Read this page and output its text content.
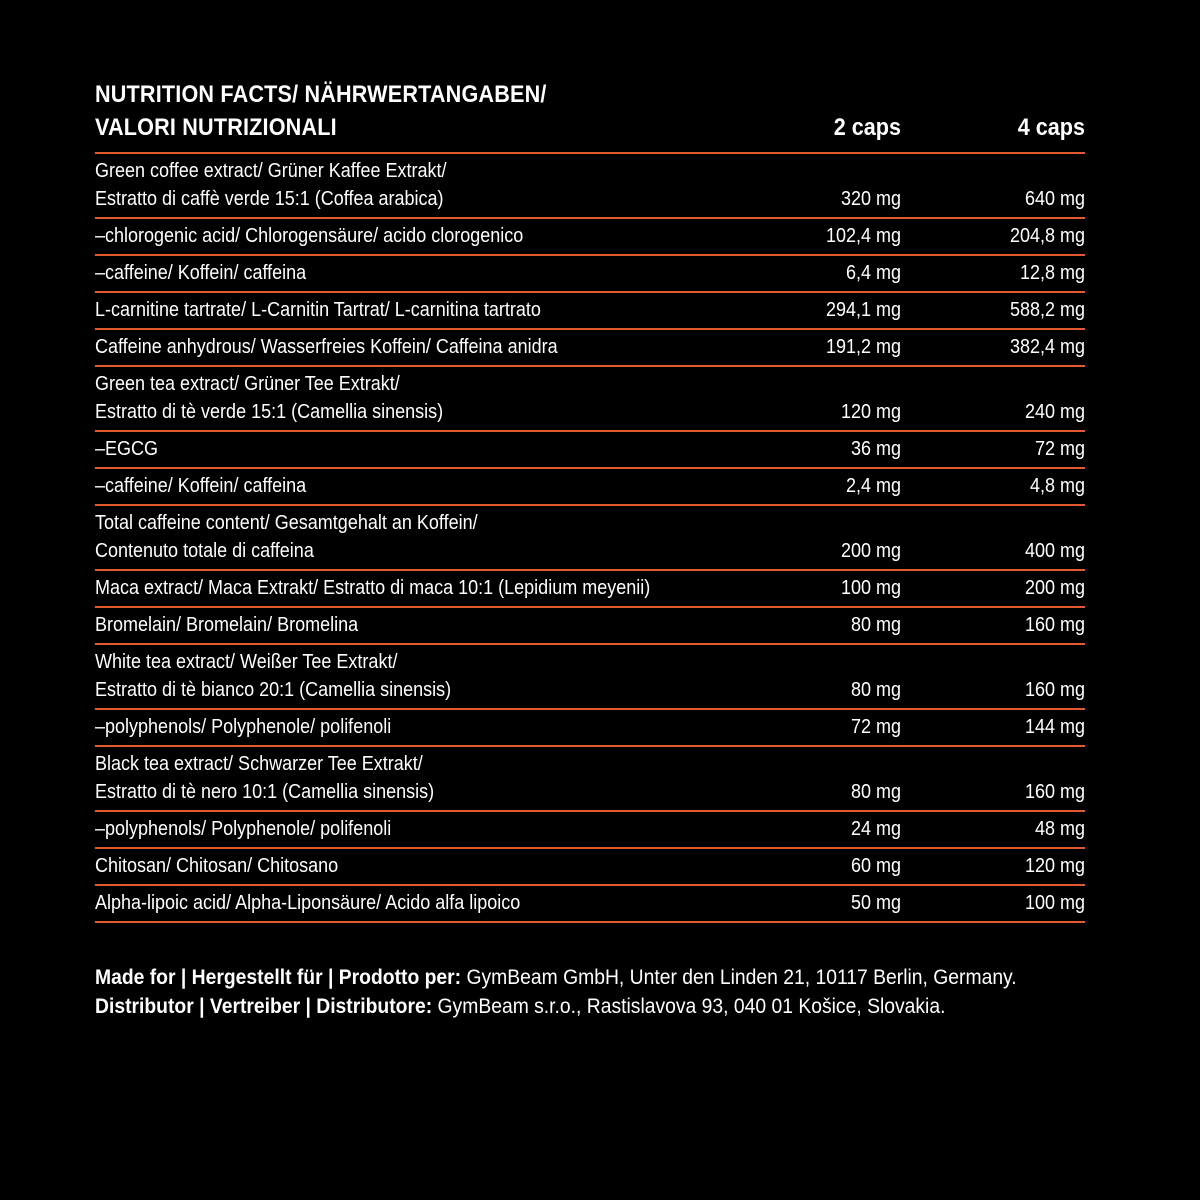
NUTRITION FACTS/ NÄHRWERTANGABEN/
VALORI NUTRIZIONALI	2 caps	4 caps
Green coffee extract/ Grüner Kaffee Extrakt/
Estratto di caffè verde 15:1 (Coffea arabica)	320 mg	640 mg
–chlorogenic acid/ Chlorogensäure/ acido clorogenico	102,4 mg	204,8 mg
–caffeine/ Koffein/ caffeina	6,4 mg	12,8 mg
L-carnitine tartrate/ L-Carnitin Tartrat/ L-carnitina tartrato	294,1 mg	588,2 mg
Caffeine anhydrous/ Wasserfreies Koffein/ Caffeina anidra	191,2 mg	382,4 mg
Green tea extract/ Grüner Tee Extrakt/
Estratto di tè verde 15:1 (Camellia sinensis)	120 mg	240 mg
–EGCG	36 mg	72 mg
–caffeine/ Koffein/ caffeina	2,4 mg	4,8 mg
Total caffeine content/ Gesamtgehalt an Koffein/
Contenuto totale di caffeina	200 mg	400 mg
Maca extract/ Maca Extrakt/ Estratto di maca 10:1 (Lepidium meyenii)	100 mg	200 mg
Bromelain/ Bromelain/ Bromelina	80 mg	160 mg
White tea extract/ Weißer Tee Extrakt/
Estratto di tè bianco 20:1 (Camellia sinensis)	80 mg	160 mg
–polyphenols/ Polyphenole/ polifenoli	72 mg	144 mg
Black tea extract/ Schwarzer Tee Extrakt/
Estratto di tè nero 10:1 (Camellia sinensis)	80 mg	160 mg
–polyphenols/ Polyphenole/ polifenoli	24 mg	48 mg
Chitosan/ Chitosan/ Chitosano	60 mg	120 mg
Alpha-lipoic acid/ Alpha-Liponsäure/ Acido alfa lipoico	50 mg	100 mg
Made for | Hergestellt für | Prodotto per: GymBeam GmbH, Unter den Linden 21, 10117 Berlin, Germany.
Distributor | Vertreiber | Distributore: GymBeam s.r.o., Rastislavova 93, 040 01 Košice, Slovakia.
